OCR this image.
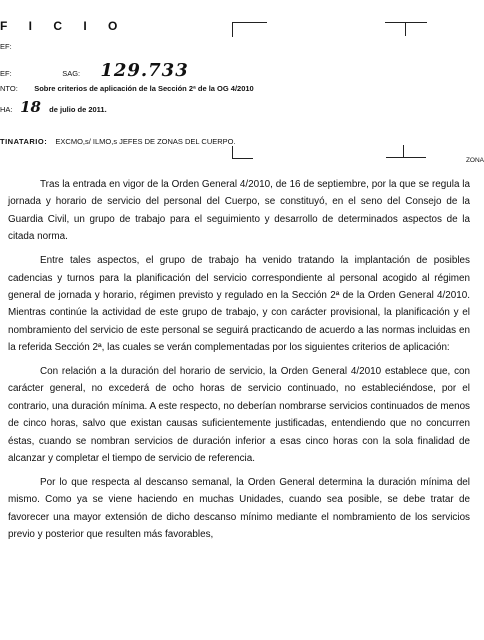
F I C I O
EF:
EF:	SAG: 129.733
NTO: Sobre criterios de aplicación de la Sección 2ª de la OG 4/2010
HA: 18 de julio de 2011.
TINATARIO: EXCMO,s/ ILMO,s JEFES DE ZONAS DEL CUERPO.
ZONA

Tras la entrada en vigor de la Orden General 4/2010, de 16 de septiembre, por la que se regula la jornada y horario de servicio del personal del Cuerpo, se constituyó, en el seno del Consejo de la Guardia Civil, un grupo de trabajo para el seguimiento y desarrollo de determinados aspectos de la citada norma.

Entre tales aspectos, el grupo de trabajo ha venido tratando la implantación de posibles cadencias y turnos para la planificación del servicio correspondiente al personal acogido al régimen general de jornada y horario, régimen previsto y regulado en la Sección 2ª de la Orden General 4/2010. Mientras continúe la actividad de este grupo de trabajo, y con carácter provisional, la planificación y el nombramiento del servicio de este personal se seguirá practicando de acuerdo a las normas incluidas en la referida Sección 2ª, las cuales se verán complementadas por los siguientes criterios de aplicación:

Con relación a la duración del horario de servicio, la Orden General 4/2010 establece que, con carácter general, no excederá de ocho horas de servicio continuado, no estableciéndose, por el contrario, una duración mínima. A este respecto, no deberían nombrarse servicios continuados de menos de cinco horas, salvo que existan causas suficientemente justificadas, entendiendo que no concurren éstas, cuando se nombran servicios de duración inferior a esas cinco horas con la sola finalidad de alcanzar y completar el tiempo de servicio de referencia.

Por lo que respecta al descanso semanal, la Orden General determina la duración mínima del mismo. Como ya se viene haciendo en muchas Unidades, cuando sea posible, se debe tratar de favorecer una mayor extensión de dicho descanso mínimo mediante el nombramiento de los servicios previo y posterior que resulten más favorables,
